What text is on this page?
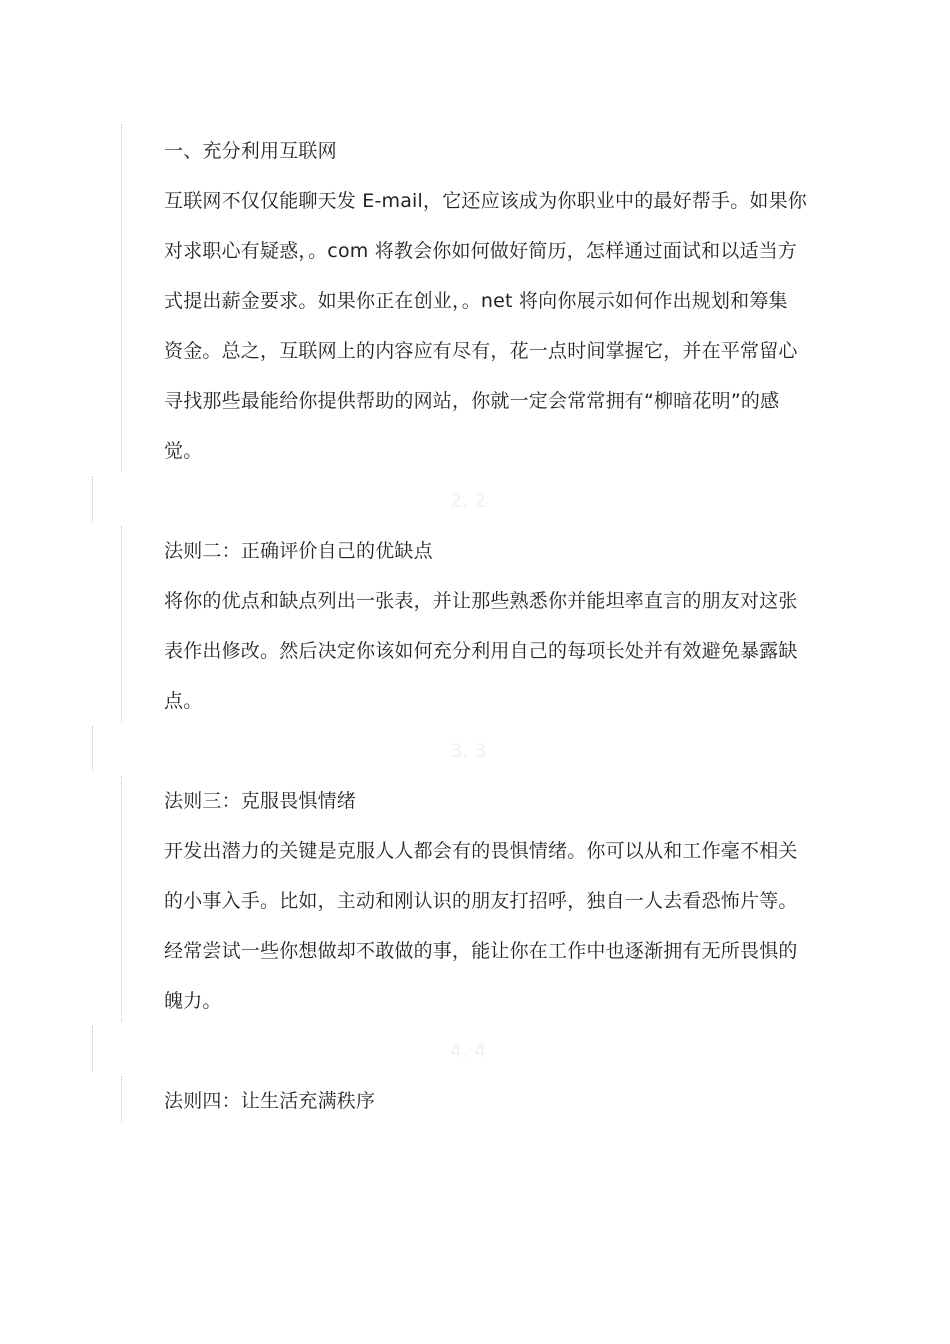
一、充分利用互联网
互联网不仅仅能聊天发 E-mail，它还应该成为你职业中的最好帮手。如果你
对求职心有疑惑，。com 将教会你如何做好简历，怎样通过面试和以适当方
式提出薪金要求。如果你正在创业，。net 将向你展示如何作出规划和筹集
资金。总之，互联网上的内容应有尽有，花一点时间掌握它，并在平常留心
寻找那些最能给你提供帮助的网站，你就一定会常常拥有“柳暗花明”的感
觉。
2. 2
法则二：正确评价自己的优缺点
将你的优点和缺点列出一张表，并让那些熟悉你并能坦率直言的朋友对这张
表作出修改。然后决定你该如何充分利用自己的每项长处并有效避免暴露缺
点。
3. 3
法则三：克服畏惧情绪
开发出潜力的关键是克服人人都会有的畏惧情绪。你可以从和工作毫不相关
的小事入手。比如，主动和刚认识的朋友打招呼，独自一人去看恐怖片等。
经常尝试一些你想做却不敢做的事，能让你在工作中也逐渐拥有无所畏惧的
魄力。
4. 4
法则四：让生活充满秩序
